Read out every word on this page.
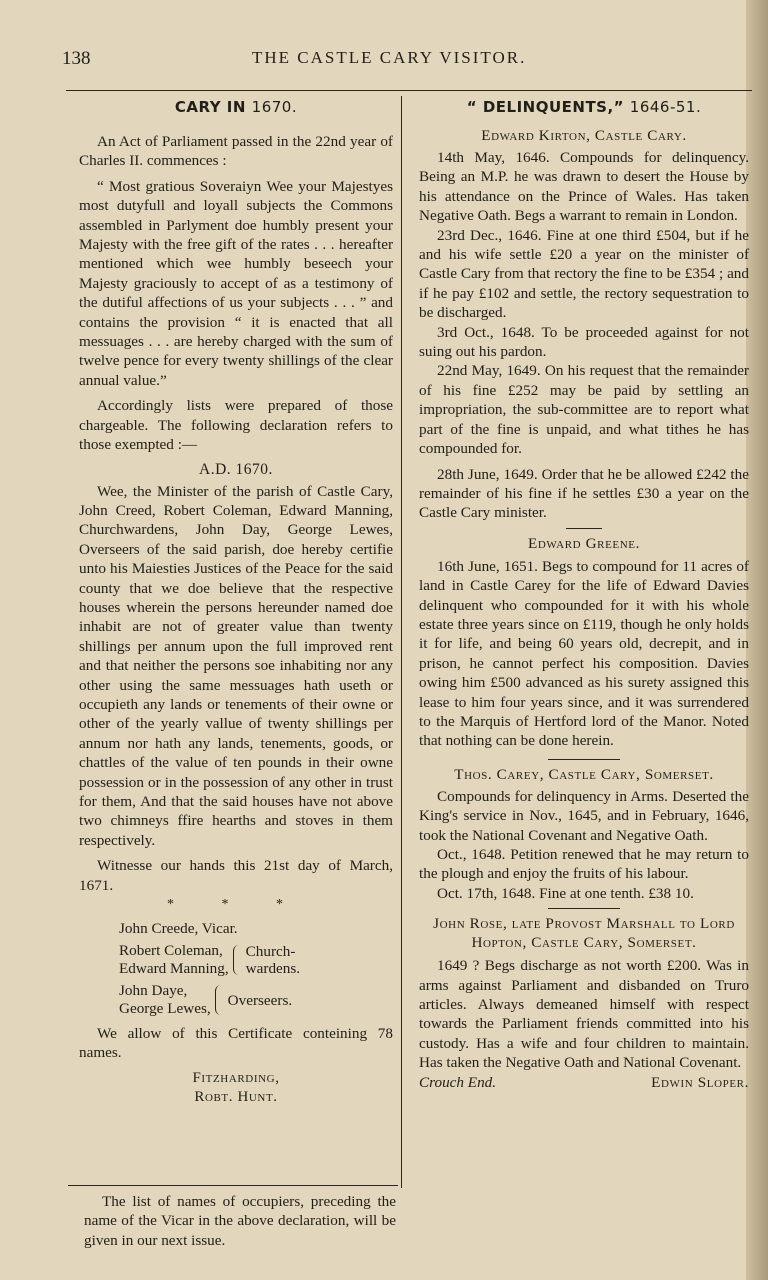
138	THE CASTLE CARY VISITOR.
CARY IN 1670.

An Act of Parliament passed in the 22nd year of Charles II. commences :

“ Most gratious Soveraiyn Wee your Majestyes most dutyfull and loyall subjects the Commons assembled in Parlyment doe humbly present your Majesty with the free gift of the rates . . . hereafter mentioned which wee humbly beseech your Majesty graciously to accept of as a testimony of the dutiful affections of us your subjects . . . ” and contains the provision “ it is enacted that all messuages . . . are hereby charged with the sum of twelve pence for every twenty shillings of the clear annual value.”

Accordingly lists were prepared of those chargeable. The following declaration refers to those exempted :—

A.D. 1670.

Wee, the Minister of the parish of Castle Cary, John Creed, Robert Coleman, Edward Manning, Churchwardens, John Day, George Lewes, Overseers of the said parish, doe hereby certifie unto his Maiesties Justices of the Peace for the said county that we doe believe that the respective houses wherein the persons hereunder named doe inhabit are not of greater value than twenty shillings per annum upon the full improved rent and that neither the persons soe inhabiting nor any other using the same messuages hath useth or occupieth any lands or tenements of their owne or other of the yearly vallue of twenty shillings per annum nor hath any lands, tenements, goods, or chattles of the value of ten pounds in their owne possession or in the possession of any other in trust for them, And that the said houses have not above two chimneys ffire hearths and stoves in them respectively.

Witnesse our hands this 21st day of March, 1671.

* * *
John Creede, Vicar.
Robert Coleman,
Edward Manning,
Church-
wardens.
John Daye,
George Lewes, Overseers.

We allow of this Certificate conteining 78 names.

Fitzharding,
Robt. Hunt.

The list of names of occupiers, preceding the name of the Vicar in the above declaration, will be given in our next issue.

“ DELINQUENTS,” 1646-51.
Edward Kirton, Castle Cary.

14th May, 1646. Compounds for delinquency. Being an M.P. he was drawn to desert the House by his attendance on the Prince of Wales. Has taken Negative Oath. Begs a warrant to remain in London.

23rd Dec., 1646. Fine at one third £504, but if he and his wife settle £20 a year on the minister of Castle Cary from that rectory the fine to be £354 ; and if he pay £102 and settle, the rectory sequestration to be discharged.

3rd Oct., 1648. To be proceeded against for not suing out his pardon.

22nd May, 1649. On his request that the remainder of his fine £252 may be paid by settling an impropriation, the sub-committee are to report what part of the fine is unpaid, and what tithes he has compounded for.

28th June, 1649. Order that he be allowed £242 the remainder of his fine if he settles £30 a year on the Castle Cary minister.

Edward Greene.

16th June, 1651. Begs to compound for 11 acres of land in Castle Carey for the life of Edward Davies delinquent who compounded for it with his whole estate three years since on £119, though he only holds it for life, and being 60 years old, decrepit, and in prison, he cannot perfect his composition. Davies owing him £500 advanced as his surety assigned this lease to him four years since, and it was surrendered to the Marquis of Hertford lord of the Manor. Noted that nothing can be done herein.

Thos. Carey, Castle Cary, Somerset.

Compounds for delinquency in Arms. Deserted the King's service in Nov., 1645, and in February, 1646, took the National Covenant and Negative Oath.

Oct., 1648. Petition renewed that he may return to the plough and enjoy the fruits of his labour.

Oct. 17th, 1648. Fine at one tenth. £38 10.

John Rose, late Provost Marshall to Lord Hopton, Castle Cary, Somerset.

1649 ? Begs discharge as not worth £200. Was in arms against Parliament and disbanded on Truro articles. Always demeaned himself with respect towards the Parliament friends committed into his custody. Has a wife and four children to maintain. Has taken the Negative Oath and National Covenant.

Crouch End.	Edwin Sloper.
